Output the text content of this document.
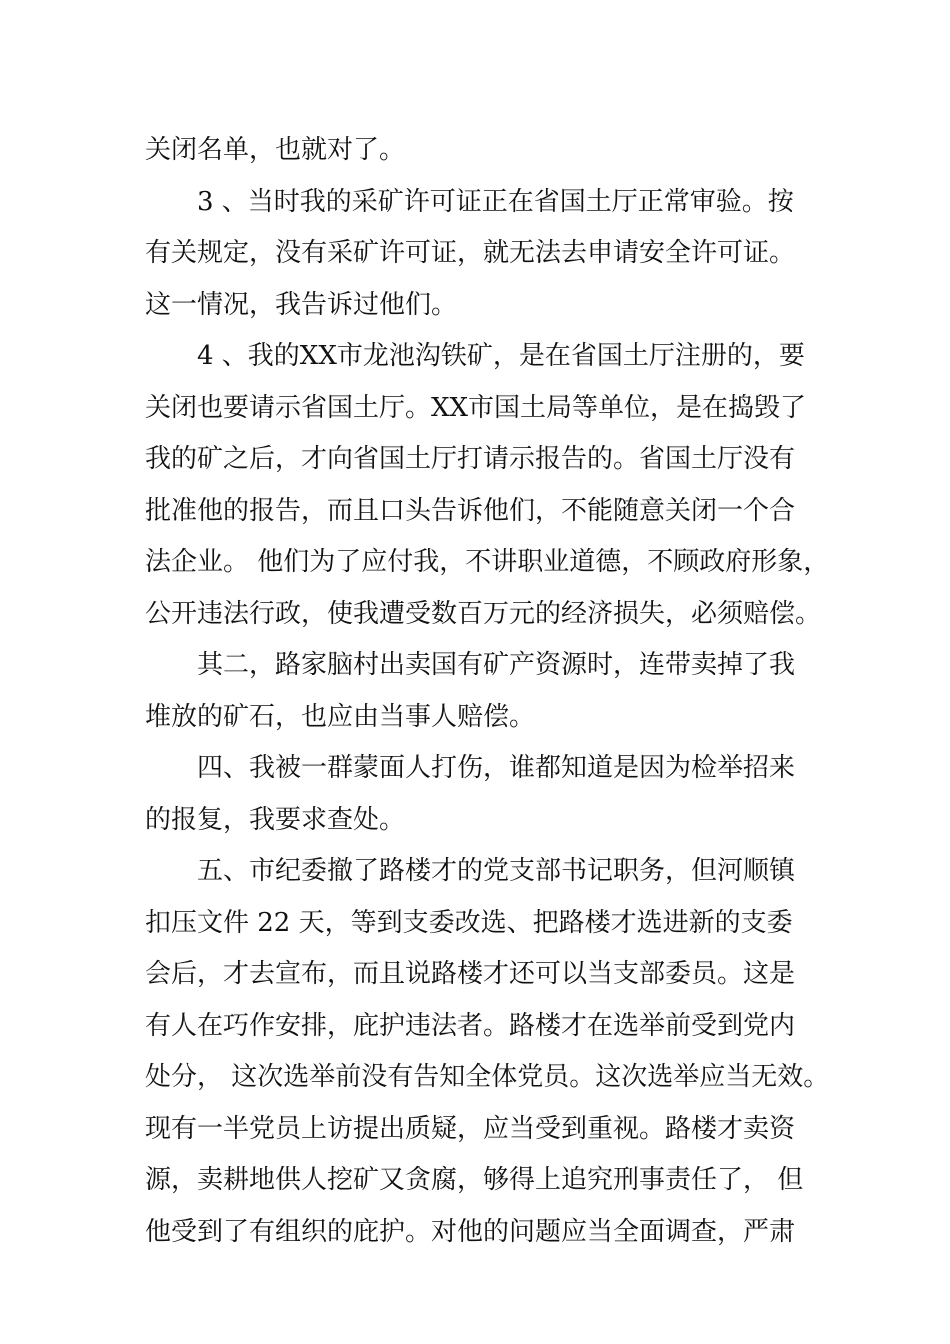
关闭名单，也就对了。
3 、当时我的采矿许可证正在省国土厅正常审验。按
有关规定，没有采矿许可证，就无法去申请安全许可证。
这一情况，我告诉过他们。
4 、我的XX市龙池沟铁矿，是在省国土厅注册的，要
关闭也要请示省国土厅。XX市国土局等单位，是在捣毁了
我的矿之后，才向省国土厅打请示报告的。省国土厅没有
批准他的报告，而且口头告诉他们，不能随意关闭一个合
法企业。 他们为了应付我，不讲职业道德，不顾政府形象，
公开违法行政，使我遭受数百万元的经济损失，必须赔偿。
其二，路家脑村出卖国有矿产资源时，连带卖掉了我
堆放的矿石，也应由当事人赔偿。
四、我被一群蒙面人打伤，谁都知道是因为检举招来
的报复，我要求查处。
五、市纪委撤了路楼才的党支部书记职务，但河顺镇
扣压文件 22 天，等到支委改选、把路楼才选进新的支委
会后，才去宣布，而且说路楼才还可以当支部委员。这是
有人在巧作安排，庇护违法者。路楼才在选举前受到党内
处分， 这次选举前没有告知全体党员。这次选举应当无效。
现有一半党员上访提出质疑，应当受到重视。路楼才卖资
源，卖耕地供人挖矿又贪腐，够得上追究刑事责任了， 但
他受到了有组织的庇护。对他的问题应当全面调查，严肃
